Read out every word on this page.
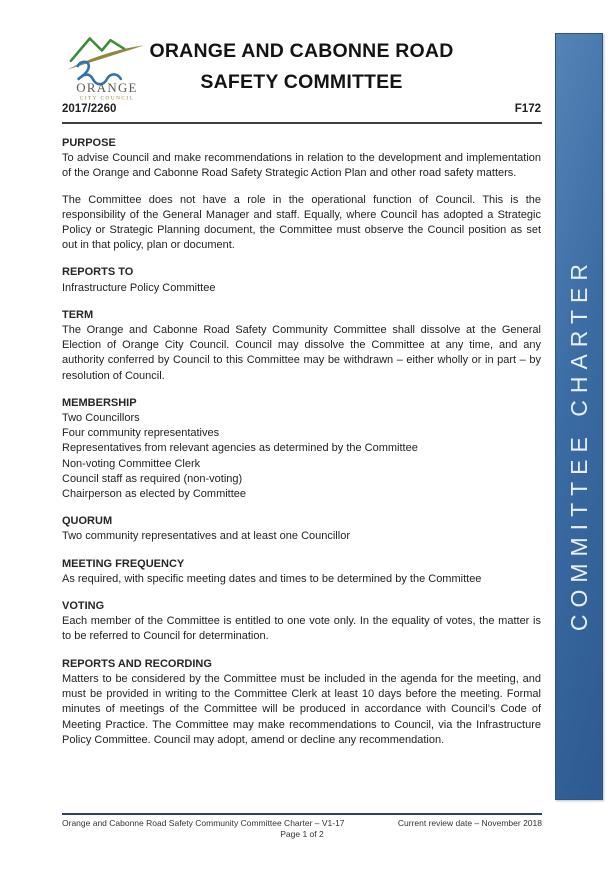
ORANGE
CITY COUNCIL
ORANGE AND CABONNE ROAD
SAFETY COMMITTEE
2017/2260	F172
PURPOSE

To advise Council and make recommendations in relation to the development and implementation of the Orange and Cabonne Road Safety Strategic Action Plan and other road safety matters.

The Committee does not have a role in the operational function of Council. This is the responsibility of the General Manager and staff. Equally, where Council has adopted a Strategic Policy or Strategic Planning document, the Committee must observe the Council position as set out in that policy, plan or document.

REPORTS TO

Infrastructure Policy Committee

TERM

The Orange and Cabonne Road Safety Community Committee shall dissolve at the General Election of Orange City Council. Council may dissolve the Committee at any time, and any authority conferred by Council to this Committee may be withdrawn – either wholly or in part – by resolution of Council.

MEMBERSHIP
Two Councillors
Four community representatives
Representatives from relevant agencies as determined by the Committee
Non-voting Committee Clerk
Council staff as required (non-voting)
Chairperson as elected by Committee
QUORUM

Two community representatives and at least one Councillor

MEETING FREQUENCY

As required, with specific meeting dates and times to be determined by the Committee

VOTING

Each member of the Committee is entitled to one vote only. In the equality of votes, the matter is to be referred to Council for determination.

REPORTS AND RECORDING

Matters to be considered by the Committee must be included in the agenda for the meeting, and must be provided in writing to the Committee Clerk at least 10 days before the meeting. Formal minutes of meetings of the Committee will be produced in accordance with Council’s Code of Meeting Practice. The Committee may make recommendations to Council, via the Infrastructure Policy Committee. Council may adopt, amend or decline any recommendation.

COMMITTEE CHARTER
Orange and Cabonne Road Safety Community Committee Charter – V1-17	Current review date – November 2018
Page 1 of 2
